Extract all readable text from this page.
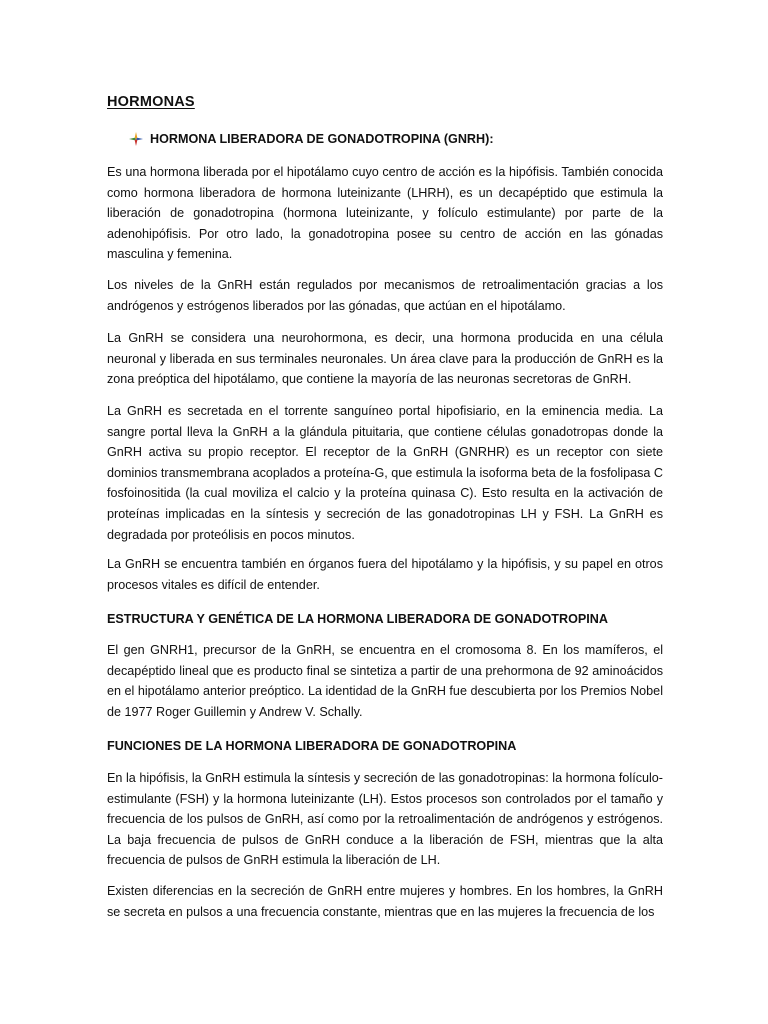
HORMONAS
HORMONA LIBERADORA DE GONADOTROPINA (GNRH):

Es una hormona liberada por el hipotálamo cuyo centro de acción es la hipófisis. También conocida como hormona liberadora de hormona luteinizante (LHRH), es un decapéptido que estimula la liberación de gonadotropina (hormona luteinizante, y folículo estimulante) por parte de la adenohipófisis. Por otro lado, la gonadotropina posee su centro de acción en las gónadas masculina y femenina.

Los niveles de la GnRH están regulados por mecanismos de retroalimentación gracias a los andrógenos y estrógenos liberados por las gónadas, que actúan en el hipotálamo.

La GnRH se considera una neurohormona, es decir, una hormona producida en una célula neuronal y liberada en sus terminales neuronales. Un área clave para la producción de GnRH es la zona preóptica del hipotálamo, que contiene la mayoría de las neuronas secretoras de GnRH.

La GnRH es secretada en el torrente sanguíneo portal hipofisiario, en la eminencia media. La sangre portal lleva la GnRH a la glándula pituitaria, que contiene células gonadotropas donde la GnRH activa su propio receptor. El receptor de la GnRH (GNRHR) es un receptor con siete dominios transmembrana acoplados a proteína-G, que estimula la isoforma beta de la fosfolipasa C fosfoinositida (la cual moviliza el calcio y la proteína quinasa C). Esto resulta en la activación de proteínas implicadas en la síntesis y secreción de las gonadotropinas LH y FSH. La GnRH es degradada por proteólisis en pocos minutos.

La GnRH se encuentra también en órganos fuera del hipotálamo y la hipófisis, y su papel en otros procesos vitales es difícil de entender.

ESTRUCTURA Y GENÉTICA DE LA HORMONA LIBERADORA DE GONADOTROPINA

El gen GNRH1, precursor de la GnRH, se encuentra en el cromosoma 8. En los mamíferos, el decapéptido lineal que es producto final se sintetiza a partir de una prehormona de 92 aminoácidos en el hipotálamo anterior preóptico. La identidad de la GnRH fue descubierta por los Premios Nobel de 1977 Roger Guillemin y Andrew V. Schally.

FUNCIONES DE LA HORMONA LIBERADORA DE GONADOTROPINA

En la hipófisis, la GnRH estimula la síntesis y secreción de las gonadotropinas: la hormona folículo-estimulante (FSH) y la hormona luteinizante (LH). Estos procesos son controlados por el tamaño y frecuencia de los pulsos de GnRH, así como por la retroalimentación de andrógenos y estrógenos. La baja frecuencia de pulsos de GnRH conduce a la liberación de FSH, mientras que la alta frecuencia de pulsos de GnRH estimula la liberación de LH.

Existen diferencias en la secreción de GnRH entre mujeres y hombres. En los hombres, la GnRH se secreta en pulsos a una frecuencia constante, mientras que en las mujeres la frecuencia de los
